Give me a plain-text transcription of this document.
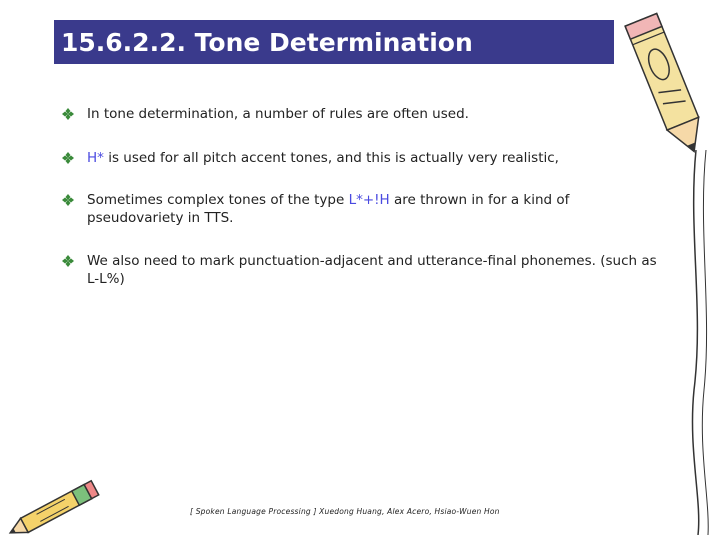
15.6.2.2. Tone Determination
In tone determination, a number of rules are often used.
H* is used for all pitch accent tones, and this is actually very realistic,
Sometimes complex tones of the type L*+!H are thrown in for a kind of pseudovariety in TTS.
We also need to mark punctuation-adjacent and utterance-final phonemes. (such as L-L%)
[ Spoken Language Processing ] Xuedong Huang, Alex Acero, Hsiao-Wuen Hon
